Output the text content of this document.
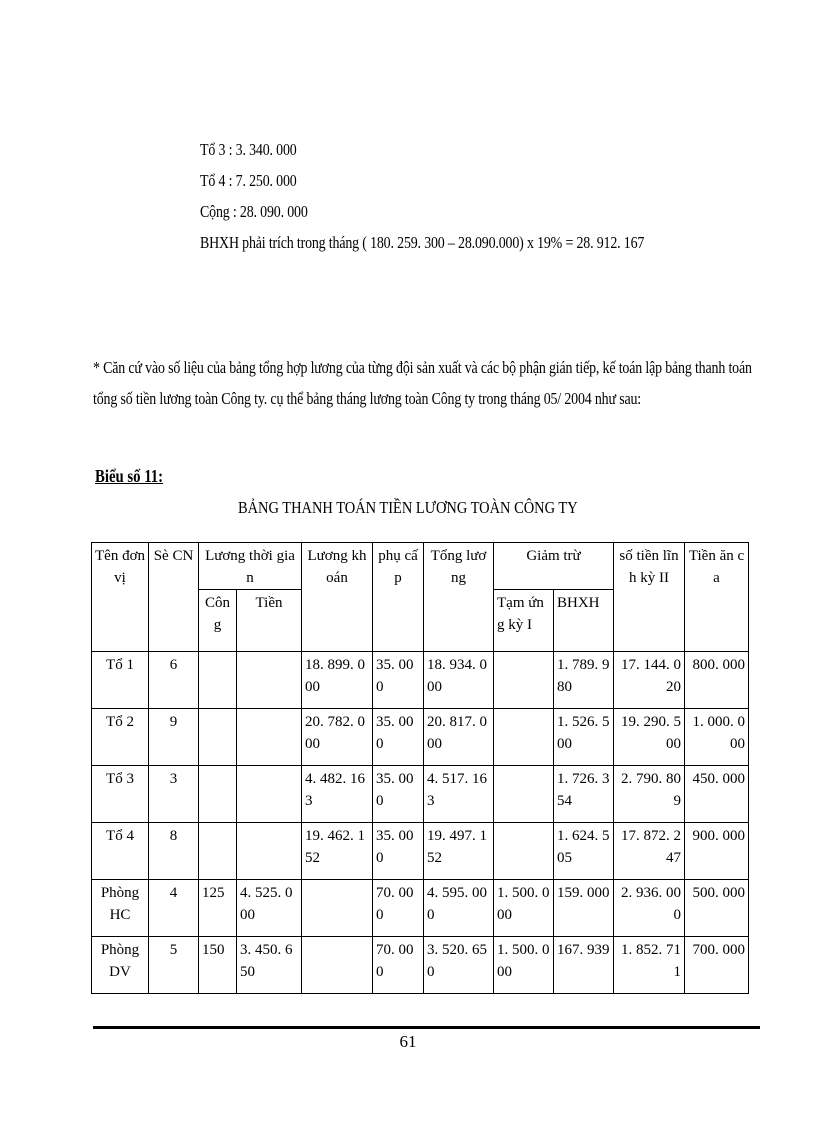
Tổ 3 : 3. 340. 000
Tổ 4 : 7. 250. 000
Cộng : 28. 090. 000
BHXH phải trích trong tháng ( 180. 259. 300 – 28.090.000) x 19% = 28. 912. 167
* Căn cứ vào số liệu của bảng tổng hợp lương của từng đội sản xuất và các bộ phận gián tiếp, kế toán lập bảng thanh toán
tổng số tiền lương toàn Công ty. cụ thể bảng tháng lương toàn Công ty trong tháng 05/ 2004 như sau:
Biểu số 11:
BẢNG THANH TOÁN TIỀN LƯƠNG TOÀN CÔNG TY
Tên đơn vị	Sè CN	Lương thời gian		Lương khoán	phụ cấp	Tổng lương	Giảm trừ		số tiền lĩnh kỳ II	Tiền ăn ca
		Công	Tiền				Tạm ứng kỳ I	BHXH		
Tổ 1	6			18. 899. 000	35. 000	18. 934. 000		1. 789. 980	17. 144. 020	800. 000
Tổ 2	9			20. 782. 000	35. 000	20. 817. 000		1. 526. 500	19. 290. 500	1. 000. 000
Tổ 3	3			4. 482. 163	35. 000	4. 517. 163		1. 726. 354	2. 790. 809	450. 000
Tổ 4	8			19. 462. 152	35. 000	19. 497. 152		1. 624. 505	17. 872. 247	900. 000
Phòng HC	4	125	4. 525. 000		70. 000	4. 595. 000	1. 500. 000	159. 000	2. 936. 000	500. 000
Phòng DV	5	150	3. 450. 650		70. 000	3. 520. 650	1. 500. 000	167. 939	1. 852. 711	700. 000
61
